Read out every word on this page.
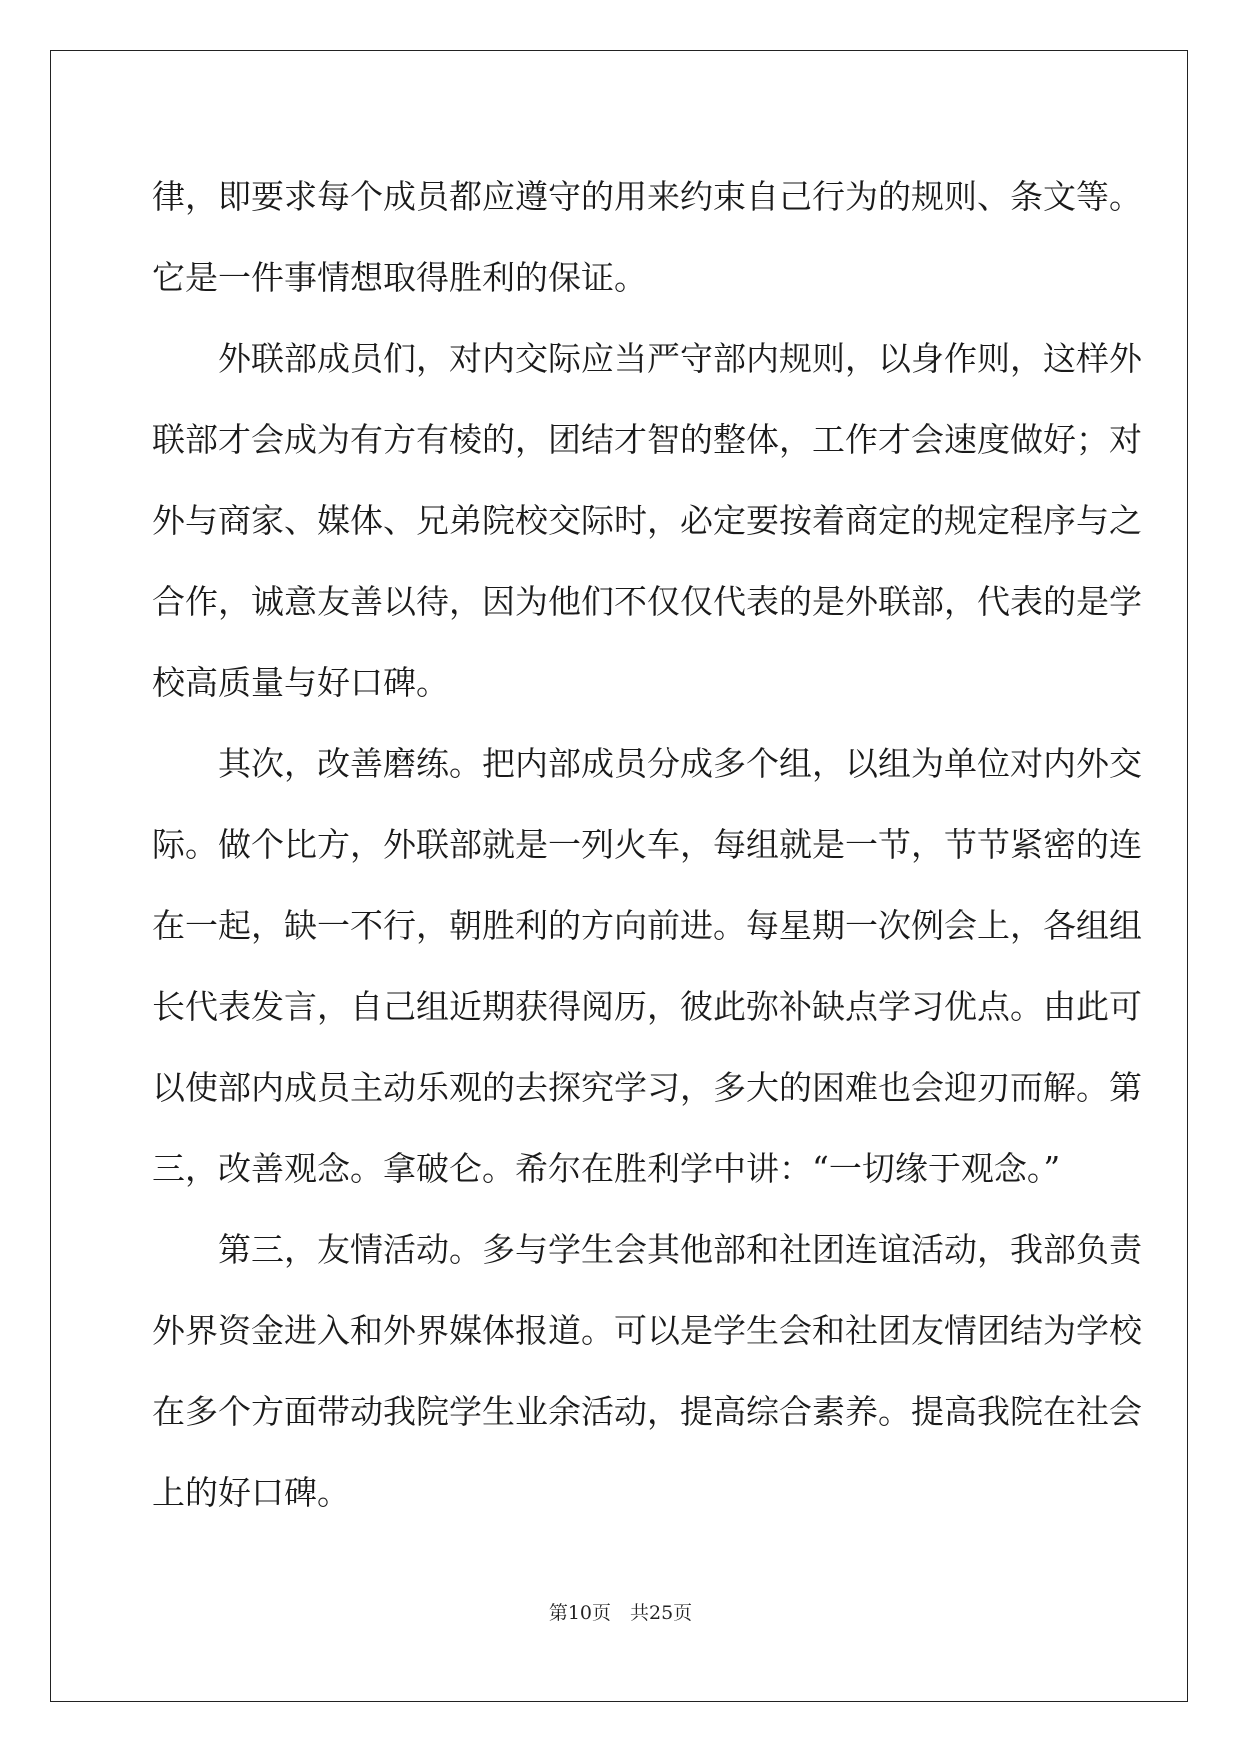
律，即要求每个成员都应遵守的用来约束自己行为的规则、条文等。
它是一件事情想取得胜利的保证。
　　外联部成员们，对内交际应当严守部内规则，以身作则，这样外
联部才会成为有方有棱的，团结才智的整体，工作才会速度做好；对
外与商家、媒体、兄弟院校交际时，必定要按着商定的规定程序与之
合作，诚意友善以待，因为他们不仅仅代表的是外联部，代表的是学
校高质量与好口碑。
　　其次，改善磨练。把内部成员分成多个组，以组为单位对内外交
际。做个比方，外联部就是一列火车，每组就是一节，节节紧密的连
在一起，缺一不行，朝胜利的方向前进。每星期一次例会上，各组组
长代表发言，自己组近期获得阅历，彼此弥补缺点学习优点。由此可
以使部内成员主动乐观的去探究学习，多大的困难也会迎刃而解。第
三，改善观念。拿破仑。希尔在胜利学中讲：“一切缘于观念。”
　　第三，友情活动。多与学生会其他部和社团连谊活动，我部负责
外界资金进入和外界媒体报道。可以是学生会和社团友情团结为学校
在多个方面带动我院学生业余活动，提高综合素养。提高我院在社会
上的好口碑。
第10页　共25页
